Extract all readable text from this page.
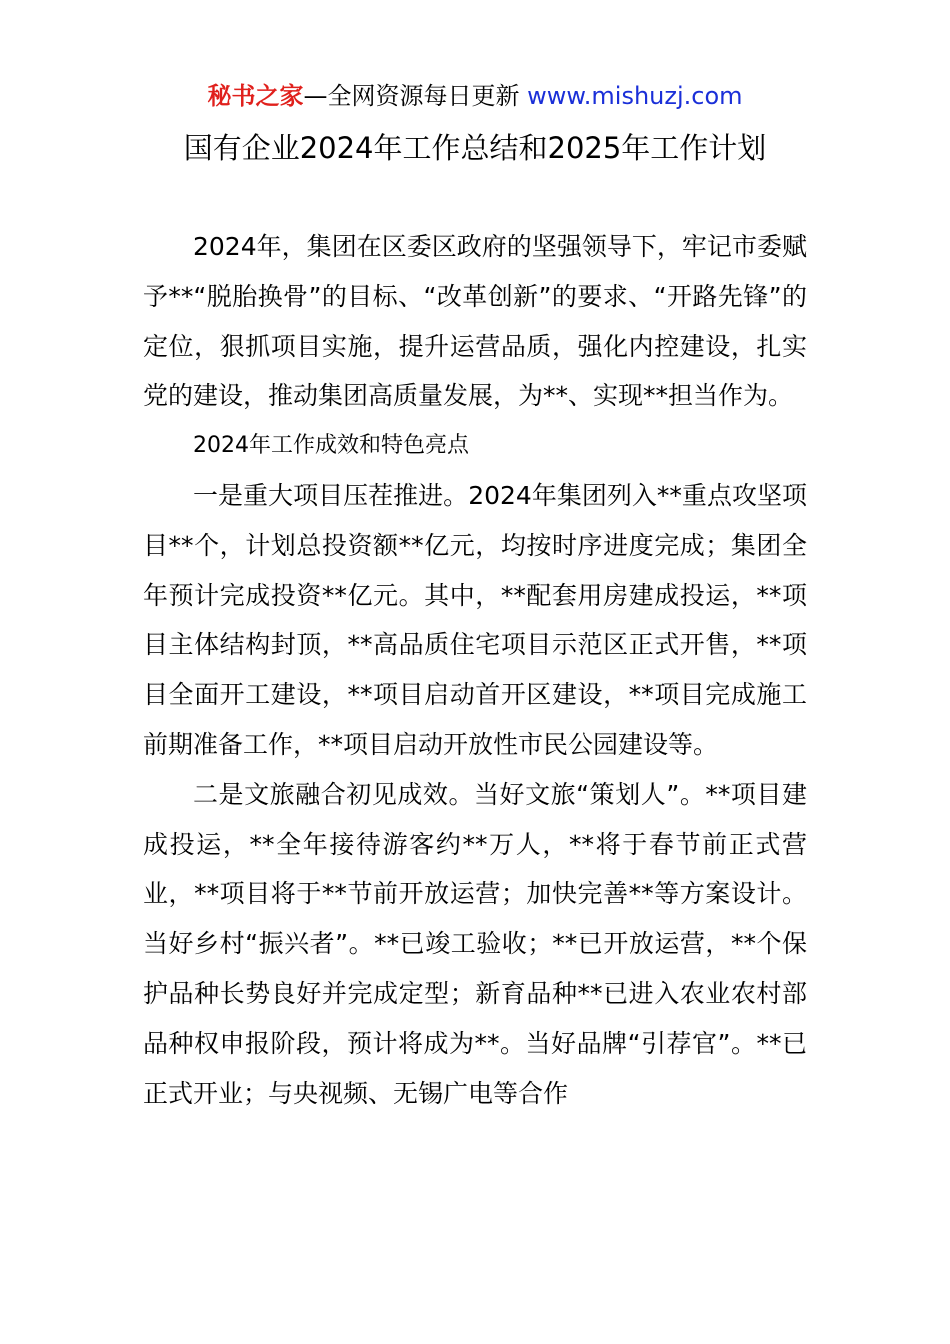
秘书之家—全网资源每日更新 www.mishuzj.com
国有企业2024年工作总结和2025年工作计划

2024年，集团在区委区政府的坚强领导下，牢记市委赋予**“脱胎换骨”的目标、“改革创新”的要求、“开路先锋”的定位，狠抓项目实施，提升运营品质，强化内控建设，扎实党的建设，推动集团高质量发展，为**、实现**担当作为。

2024年工作成效和特色亮点

一是重大项目压茬推进。2024年集团列入**重点攻坚项目**个，计划总投资额**亿元，均按时序进度完成；集团全年预计完成投资**亿元。其中，**配套用房建成投运，**项目主体结构封顶，**高品质住宅项目示范区正式开售，**项目全面开工建设，**项目启动首开区建设，**项目完成施工前期准备工作，**项目启动开放性市民公园建设等。

二是文旅融合初见成效。当好文旅“策划人”。**项目建成投运，**全年接待游客约**万人，**将于春节前正式营业，**项目将于**节前开放运营；加快完善**等方案设计。当好乡村“振兴者”。**已竣工验收；**已开放运营，**个保护品种长势良好并完成定型；新育品种**已进入农业农村部品种权申报阶段，预计将成为**。当好品牌“引荐官”。**已正式开业；与央视频、无锡广电等合作
